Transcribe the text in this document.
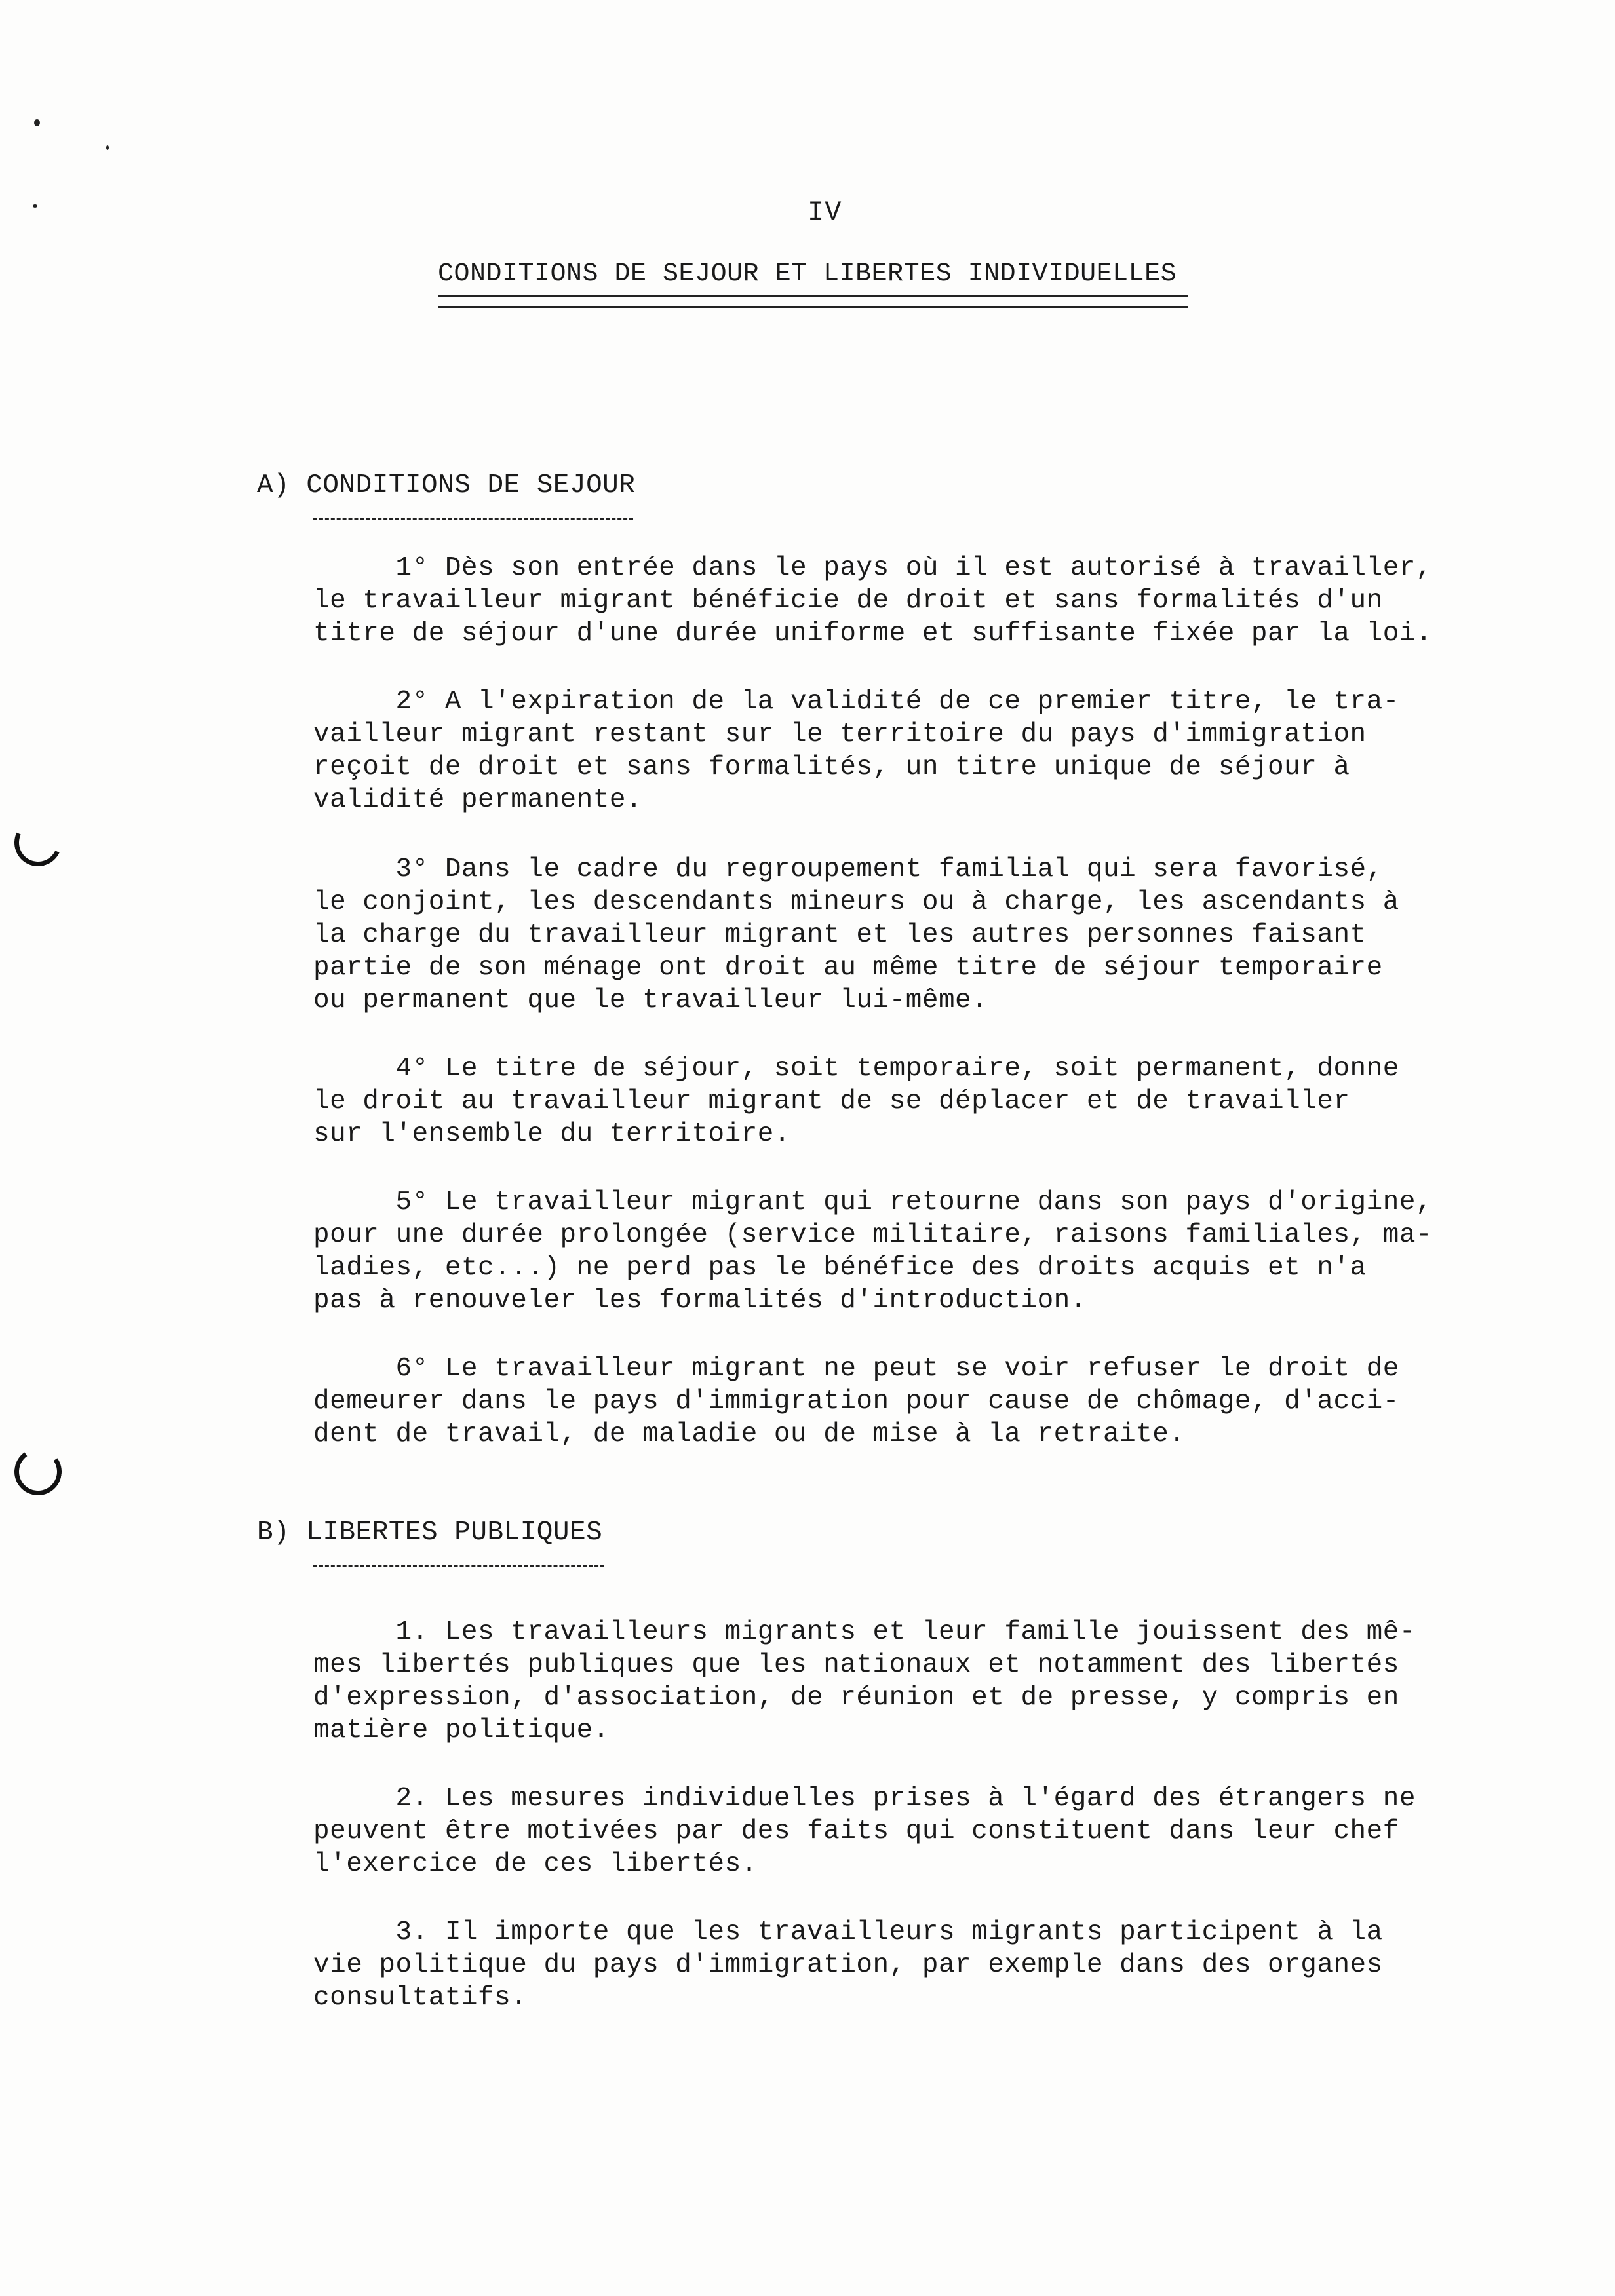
IV
CONDITIONS DE SEJOUR ET LIBERTES INDIVIDUELLES
A) CONDITIONS DE SEJOUR

1° Dès son entrée dans le pays où il est autorisé à travailler,

le travailleur migrant bénéficie de droit et sans formalités d'un

titre de séjour d'une durée uniforme et suffisante fixée par la loi.

2° A l'expiration de la validité de ce premier titre, le tra-

vailleur migrant restant sur le territoire du pays d'immigration

reçoit de droit et sans formalités, un titre unique de séjour à

validité permanente.

3° Dans le cadre du regroupement familial qui sera favorisé,

le conjoint, les descendants mineurs ou à charge, les ascendants à

la charge du travailleur migrant et les autres personnes faisant

partie de son ménage ont droit au même titre de séjour temporaire

ou permanent que le travailleur lui-même.

4° Le titre de séjour, soit temporaire, soit permanent, donne

le droit au travailleur migrant de se déplacer et de travailler

sur l'ensemble du territoire.

5° Le travailleur migrant qui retourne dans son pays d'origine,

pour une durée prolongée (service militaire, raisons familiales, ma-

ladies, etc...) ne perd pas le bénéfice des droits acquis et n'a

pas à renouveler les formalités d'introduction.

6° Le travailleur migrant ne peut se voir refuser le droit de

demeurer dans le pays d'immigration pour cause de chômage, d'acci-

dent de travail, de maladie ou de mise à la retraite.

B) LIBERTES PUBLIQUES

1. Les travailleurs migrants et leur famille jouissent des mê-

mes libertés publiques que les nationaux et notamment des libertés

d'expression, d'association, de réunion et de presse, y compris en

matière politique.

2. Les mesures individuelles prises à l'égard des étrangers ne

peuvent être motivées par des faits qui constituent dans leur chef

l'exercice de ces libertés.

3. Il importe que les travailleurs migrants participent à la

vie politique du pays d'immigration, par exemple dans des organes

consultatifs.
